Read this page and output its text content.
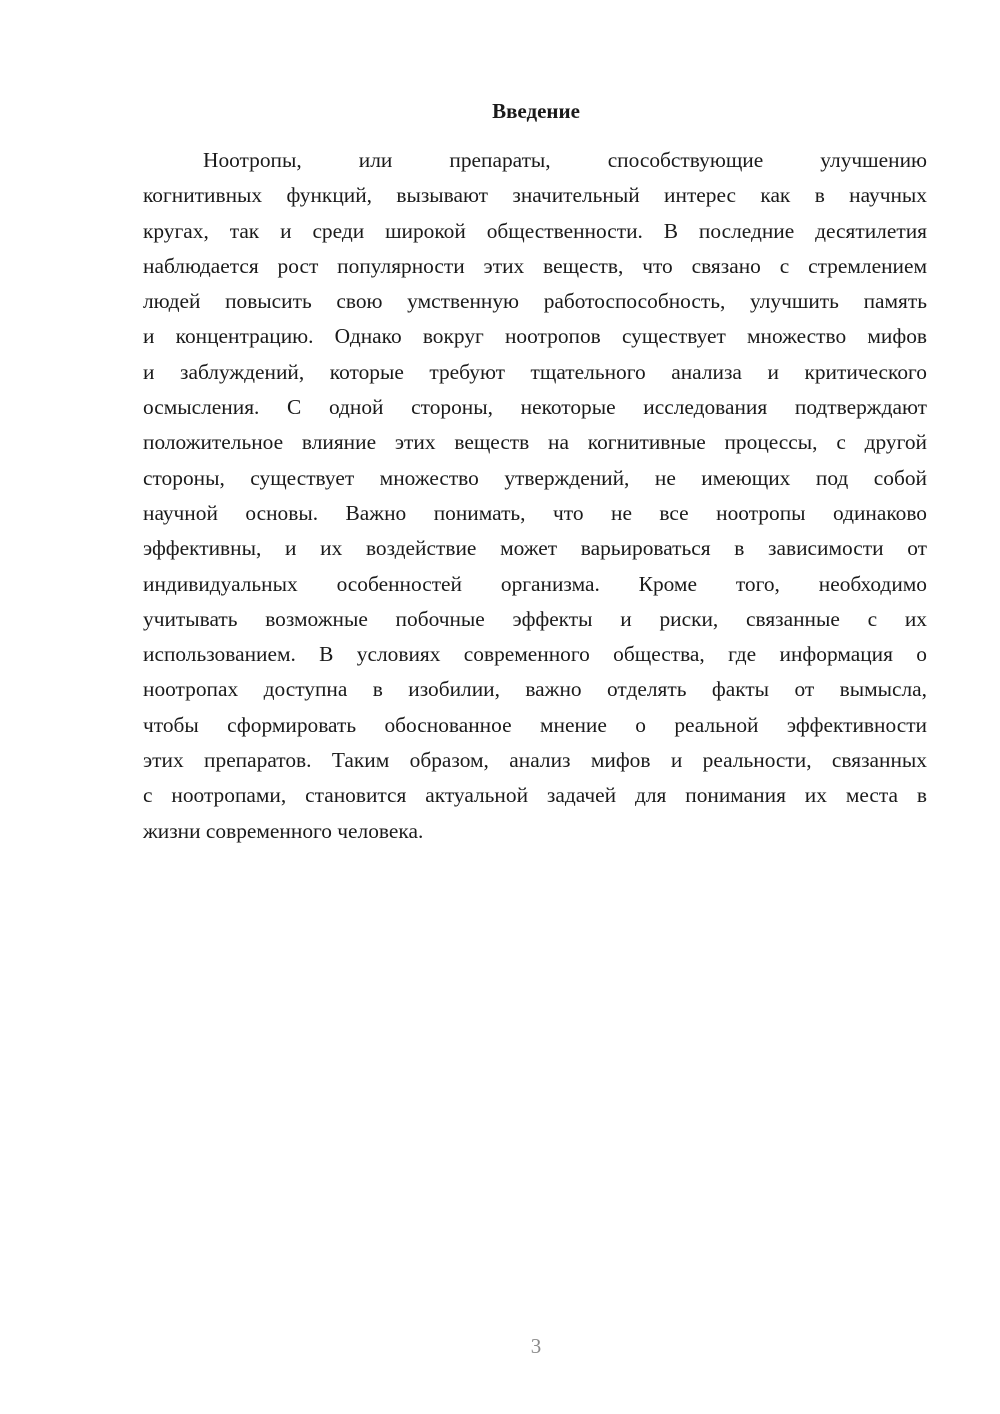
Введение
Ноотропы, или препараты, способствующие улучшению
когнитивных функций, вызывают значительный интерес как в научных
кругах, так и среди широкой общественности. В последние десятилетия
наблюдается рост популярности этих веществ, что связано с стремлением
людей повысить свою умственную работоспособность, улучшить память
и концентрацию. Однако вокруг ноотропов существует множество мифов
и заблуждений, которые требуют тщательного анализа и критического
осмысления. С одной стороны, некоторые исследования подтверждают
положительное влияние этих веществ на когнитивные процессы, с другой
стороны, существует множество утверждений, не имеющих под собой
научной основы. Важно понимать, что не все ноотропы одинаково
эффективны, и их воздействие может варьироваться в зависимости от
индивидуальных особенностей организма. Кроме того, необходимо
учитывать возможные побочные эффекты и риски, связанные с их
использованием. В условиях современного общества, где информация о
ноотропах доступна в изобилии, важно отделять факты от вымысла,
чтобы сформировать обоснованное мнение о реальной эффективности
этих препаратов. Таким образом, анализ мифов и реальности, связанных
с ноотропами, становится актуальной задачей для понимания их места в
жизни современного человека.
3
